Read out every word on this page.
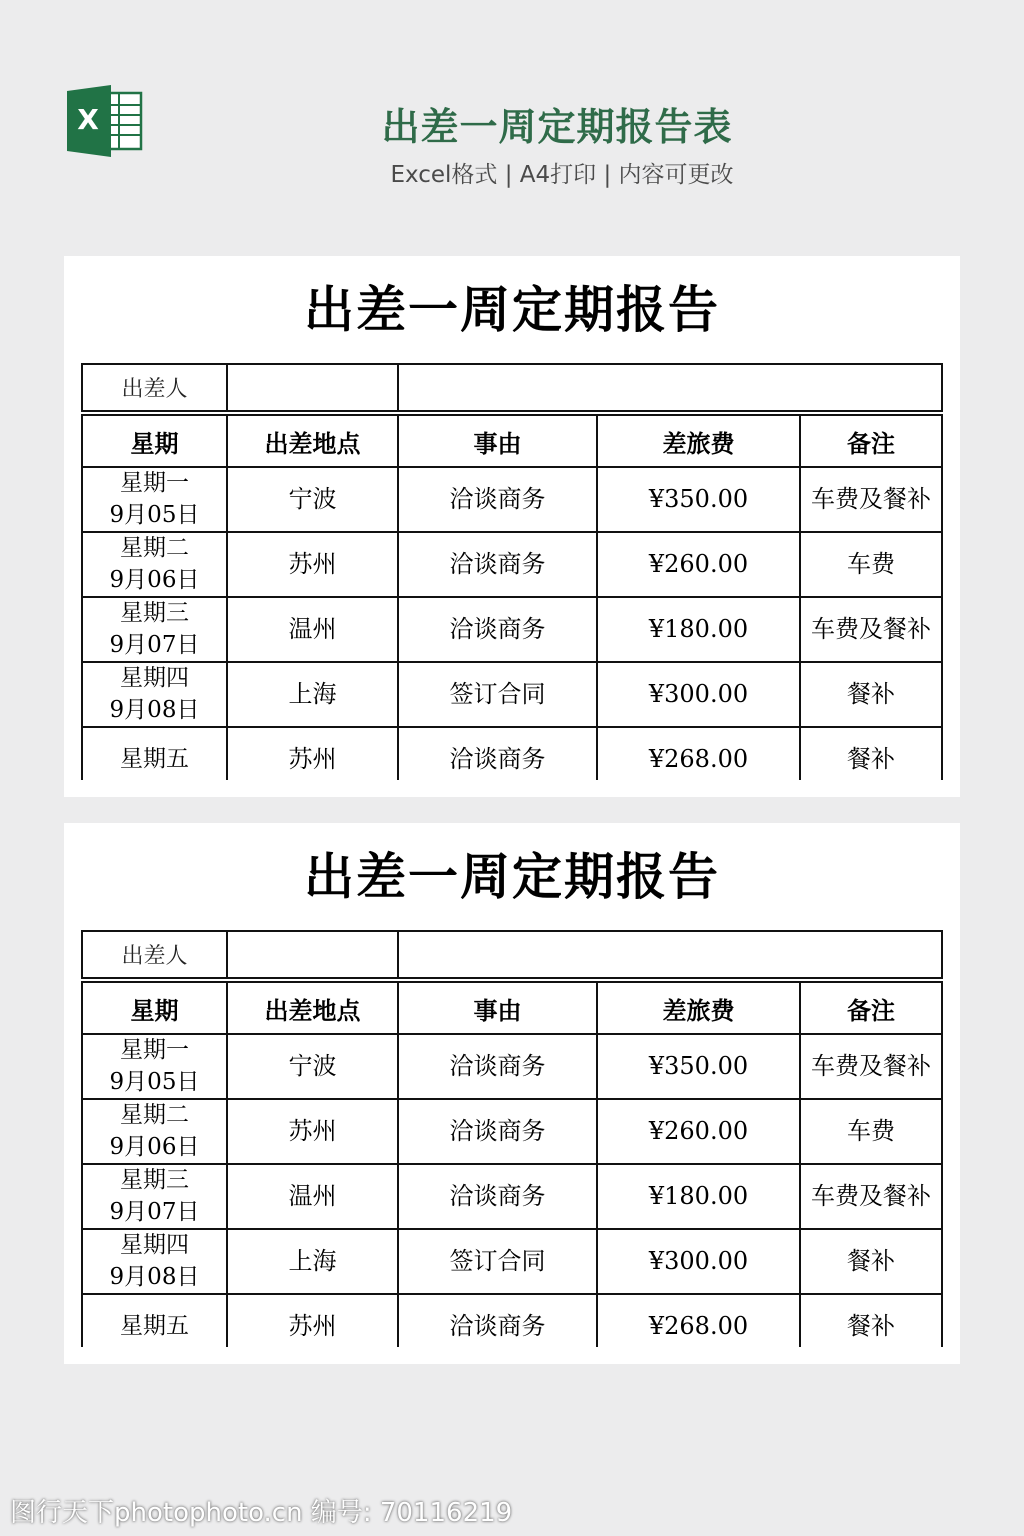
X	出差一周定期报告表
Excel格式 | A4打印 | 内容可更改
出差一周定期报告
出差人				

星期	出差地点	事由	差旅费	备注
星期一
9月05日	宁波	洽谈商务	¥350.00	车费及餐补
星期二
9月06日	苏州	洽谈商务	¥260.00	车费
星期三
9月07日	温州	洽谈商务	¥180.00	车费及餐补
星期四
9月08日	上海	签订合同	¥300.00	餐补
星期五	苏州	洽谈商务	¥268.00	餐补
出差一周定期报告
出差人				

星期	出差地点	事由	差旅费	备注
星期一
9月05日	宁波	洽谈商务	¥350.00	车费及餐补
星期二
9月06日	苏州	洽谈商务	¥260.00	车费
星期三
9月07日	温州	洽谈商务	¥180.00	车费及餐补
星期四
9月08日	上海	签订合同	¥300.00	餐补
星期五	苏州	洽谈商务	¥268.00	餐补
图行天下photophoto.cn 编号: 70116219
